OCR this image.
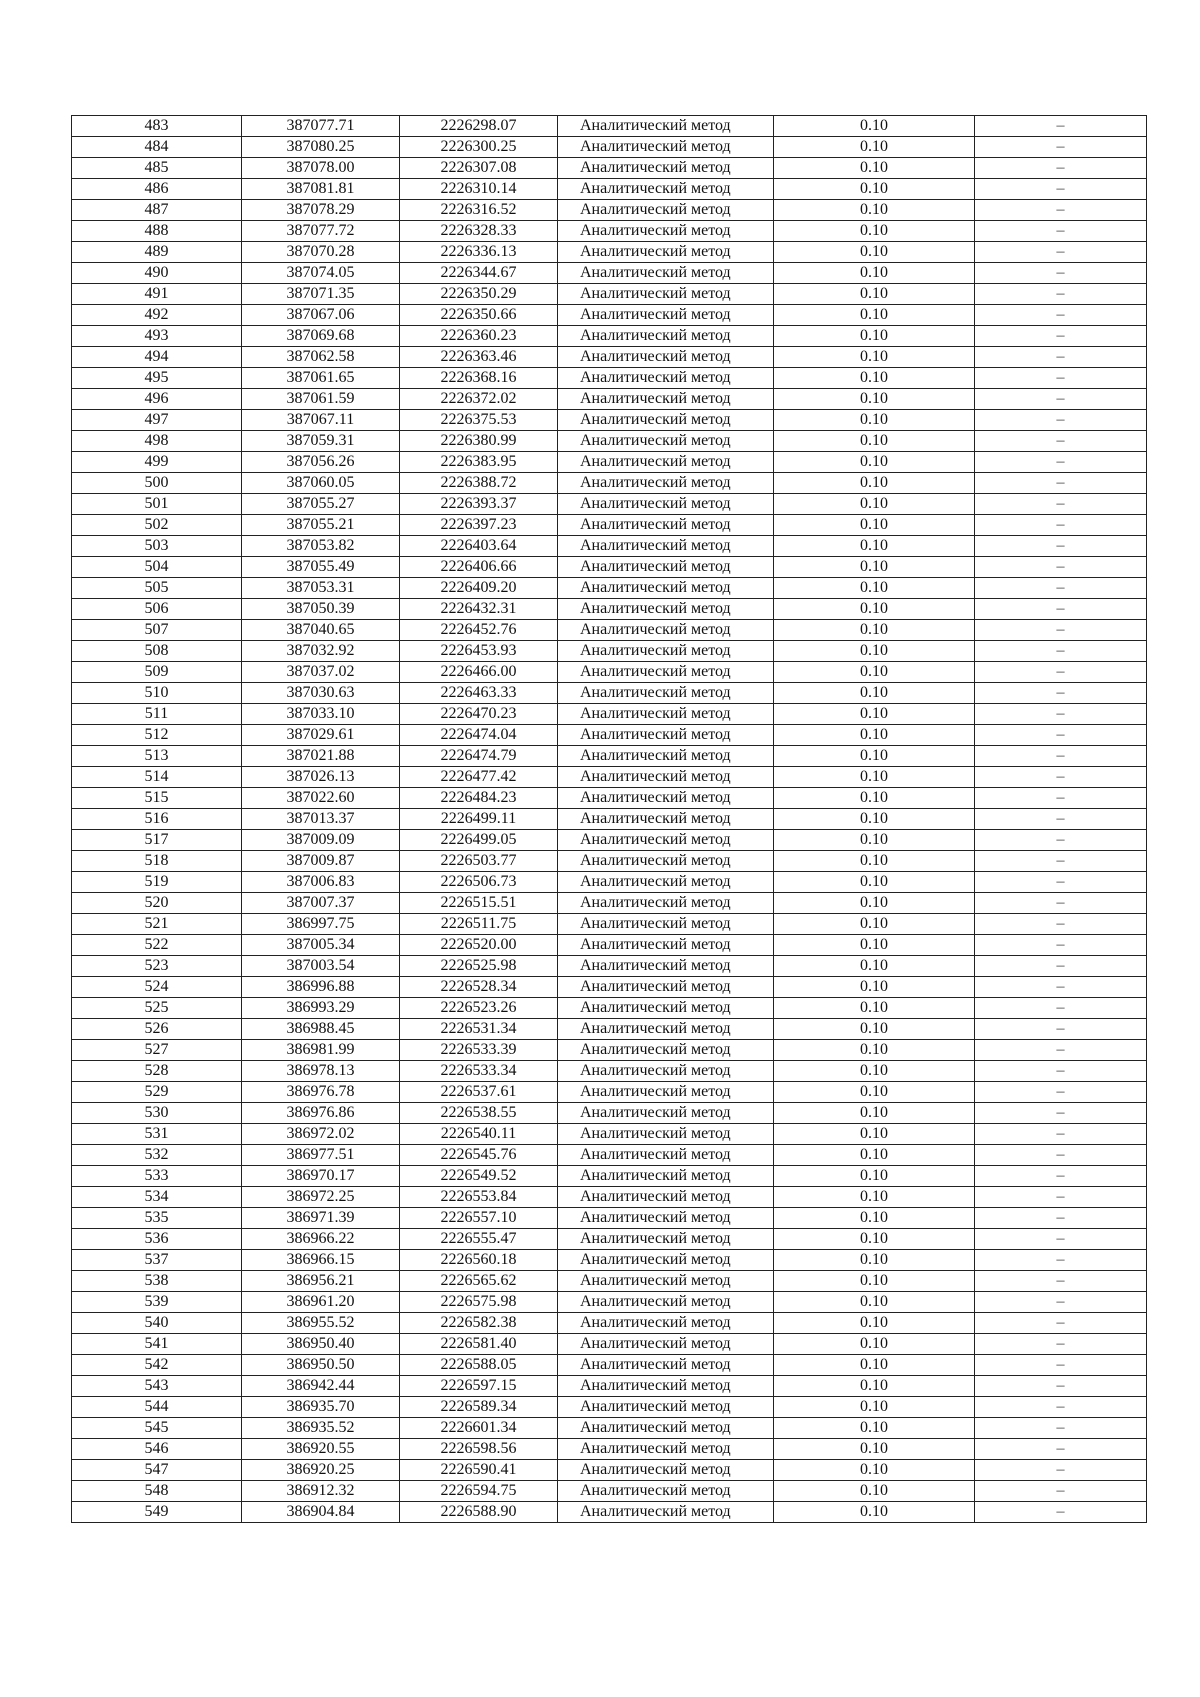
483	387077.71	2226298.07	Аналитический метод	0.10	–
484	387080.25	2226300.25	Аналитический метод	0.10	–
485	387078.00	2226307.08	Аналитический метод	0.10	–
486	387081.81	2226310.14	Аналитический метод	0.10	–
487	387078.29	2226316.52	Аналитический метод	0.10	–
488	387077.72	2226328.33	Аналитический метод	0.10	–
489	387070.28	2226336.13	Аналитический метод	0.10	–
490	387074.05	2226344.67	Аналитический метод	0.10	–
491	387071.35	2226350.29	Аналитический метод	0.10	–
492	387067.06	2226350.66	Аналитический метод	0.10	–
493	387069.68	2226360.23	Аналитический метод	0.10	–
494	387062.58	2226363.46	Аналитический метод	0.10	–
495	387061.65	2226368.16	Аналитический метод	0.10	–
496	387061.59	2226372.02	Аналитический метод	0.10	–
497	387067.11	2226375.53	Аналитический метод	0.10	–
498	387059.31	2226380.99	Аналитический метод	0.10	–
499	387056.26	2226383.95	Аналитический метод	0.10	–
500	387060.05	2226388.72	Аналитический метод	0.10	–
501	387055.27	2226393.37	Аналитический метод	0.10	–
502	387055.21	2226397.23	Аналитический метод	0.10	–
503	387053.82	2226403.64	Аналитический метод	0.10	–
504	387055.49	2226406.66	Аналитический метод	0.10	–
505	387053.31	2226409.20	Аналитический метод	0.10	–
506	387050.39	2226432.31	Аналитический метод	0.10	–
507	387040.65	2226452.76	Аналитический метод	0.10	–
508	387032.92	2226453.93	Аналитический метод	0.10	–
509	387037.02	2226466.00	Аналитический метод	0.10	–
510	387030.63	2226463.33	Аналитический метод	0.10	–
511	387033.10	2226470.23	Аналитический метод	0.10	–
512	387029.61	2226474.04	Аналитический метод	0.10	–
513	387021.88	2226474.79	Аналитический метод	0.10	–
514	387026.13	2226477.42	Аналитический метод	0.10	–
515	387022.60	2226484.23	Аналитический метод	0.10	–
516	387013.37	2226499.11	Аналитический метод	0.10	–
517	387009.09	2226499.05	Аналитический метод	0.10	–
518	387009.87	2226503.77	Аналитический метод	0.10	–
519	387006.83	2226506.73	Аналитический метод	0.10	–
520	387007.37	2226515.51	Аналитический метод	0.10	–
521	386997.75	2226511.75	Аналитический метод	0.10	–
522	387005.34	2226520.00	Аналитический метод	0.10	–
523	387003.54	2226525.98	Аналитический метод	0.10	–
524	386996.88	2226528.34	Аналитический метод	0.10	–
525	386993.29	2226523.26	Аналитический метод	0.10	–
526	386988.45	2226531.34	Аналитический метод	0.10	–
527	386981.99	2226533.39	Аналитический метод	0.10	–
528	386978.13	2226533.34	Аналитический метод	0.10	–
529	386976.78	2226537.61	Аналитический метод	0.10	–
530	386976.86	2226538.55	Аналитический метод	0.10	–
531	386972.02	2226540.11	Аналитический метод	0.10	–
532	386977.51	2226545.76	Аналитический метод	0.10	–
533	386970.17	2226549.52	Аналитический метод	0.10	–
534	386972.25	2226553.84	Аналитический метод	0.10	–
535	386971.39	2226557.10	Аналитический метод	0.10	–
536	386966.22	2226555.47	Аналитический метод	0.10	–
537	386966.15	2226560.18	Аналитический метод	0.10	–
538	386956.21	2226565.62	Аналитический метод	0.10	–
539	386961.20	2226575.98	Аналитический метод	0.10	–
540	386955.52	2226582.38	Аналитический метод	0.10	–
541	386950.40	2226581.40	Аналитический метод	0.10	–
542	386950.50	2226588.05	Аналитический метод	0.10	–
543	386942.44	2226597.15	Аналитический метод	0.10	–
544	386935.70	2226589.34	Аналитический метод	0.10	–
545	386935.52	2226601.34	Аналитический метод	0.10	–
546	386920.55	2226598.56	Аналитический метод	0.10	–
547	386920.25	2226590.41	Аналитический метод	0.10	–
548	386912.32	2226594.75	Аналитический метод	0.10	–
549	386904.84	2226588.90	Аналитический метод	0.10	–
